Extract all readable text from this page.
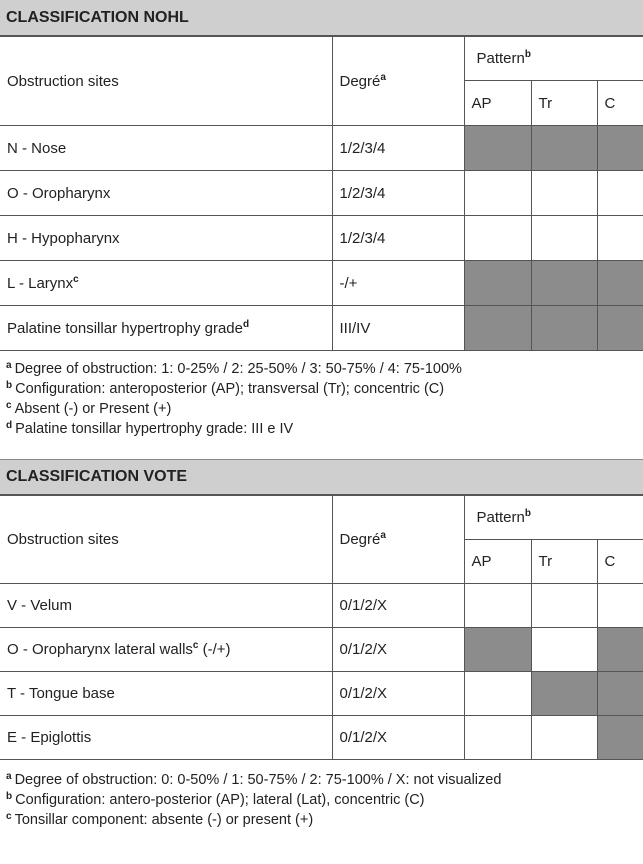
CLASSIFICATION NOHL
Obstruction sites	Degré$^a$	Pattern$^b$
		AP	Tr	C
N - Nose	1/2/3/4			
O - Oropharynx	1/2/3/4			
H - Hypopharynx	1/2/3/4			
L - Larynx$^c$	-/+			
Palatine tonsillar hypertrophy grade$^d$	III/IV			
$^a$ Degree of obstruction: 1: 0-25% / 2: 25-50% / 3: 50-75% / 4: 75-100%
$^b$ Configuration: anteroposterior (AP); transversal (Tr); concentric (C)
$^c$ Absent (-) or Present (+)
$^d$ Palatine tonsillar hypertrophy grade: III e IV
CLASSIFICATION VOTE
Obstruction sites	Degré$^a$	Pattern$^b$
		AP	Tr	C
V - Velum	0/1/2/X			
O - Oropharynx lateral walls$^c$ (-/+)	0/1/2/X			
T - Tongue base	0/1/2/X			
E - Epiglottis	0/1/2/X			
$^a$ Degree of obstruction: 0: 0-50% / 1: 50-75% / 2: 75-100% / X: not visualized
$^b$ Configuration: antero-posterior (AP); lateral (Lat), concentric (C)
$^c$ Tonsillar component: absente (-) or present (+)
